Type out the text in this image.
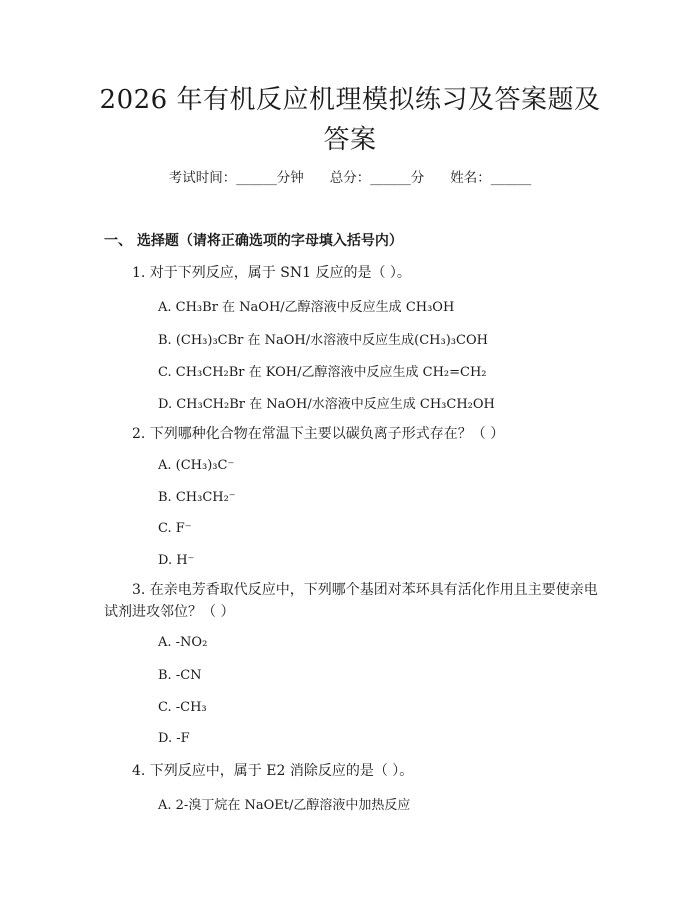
2026 年有机反应机理模拟练习及答案题及答案
考试时间：______分钟 总分：______分 姓名：______
一、 选择题（请将正确选项的字母填入括号内）
1. 对于下列反应，属于 SN1 反应的是（ ）。
A. CH₃Br 在 NaOH/乙醇溶液中反应生成 CH₃OH
B. (CH₃)₃CBr 在 NaOH/水溶液中反应生成(CH₃)₃COH
C. CH₃CH₂Br 在 KOH/乙醇溶液中反应生成 CH₂=CH₂
D. CH₃CH₂Br 在 NaOH/水溶液中反应生成 CH₃CH₂OH
2. 下列哪种化合物在常温下主要以碳负离子形式存在？（ ）
A. (CH₃)₃C⁻
B. CH₃CH₂⁻
C. F⁻
D. H⁻
3. 在亲电芳香取代反应中，下列哪个基团对苯环具有活化作用且主要使亲电
试剂进攻邻位？（ ）
A. -NO₂
B. -CN
C. -CH₃
D. -F
4. 下列反应中，属于 E2 消除反应的是（ ）。
A. 2-溴丁烷在 NaOEt/乙醇溶液中加热反应
